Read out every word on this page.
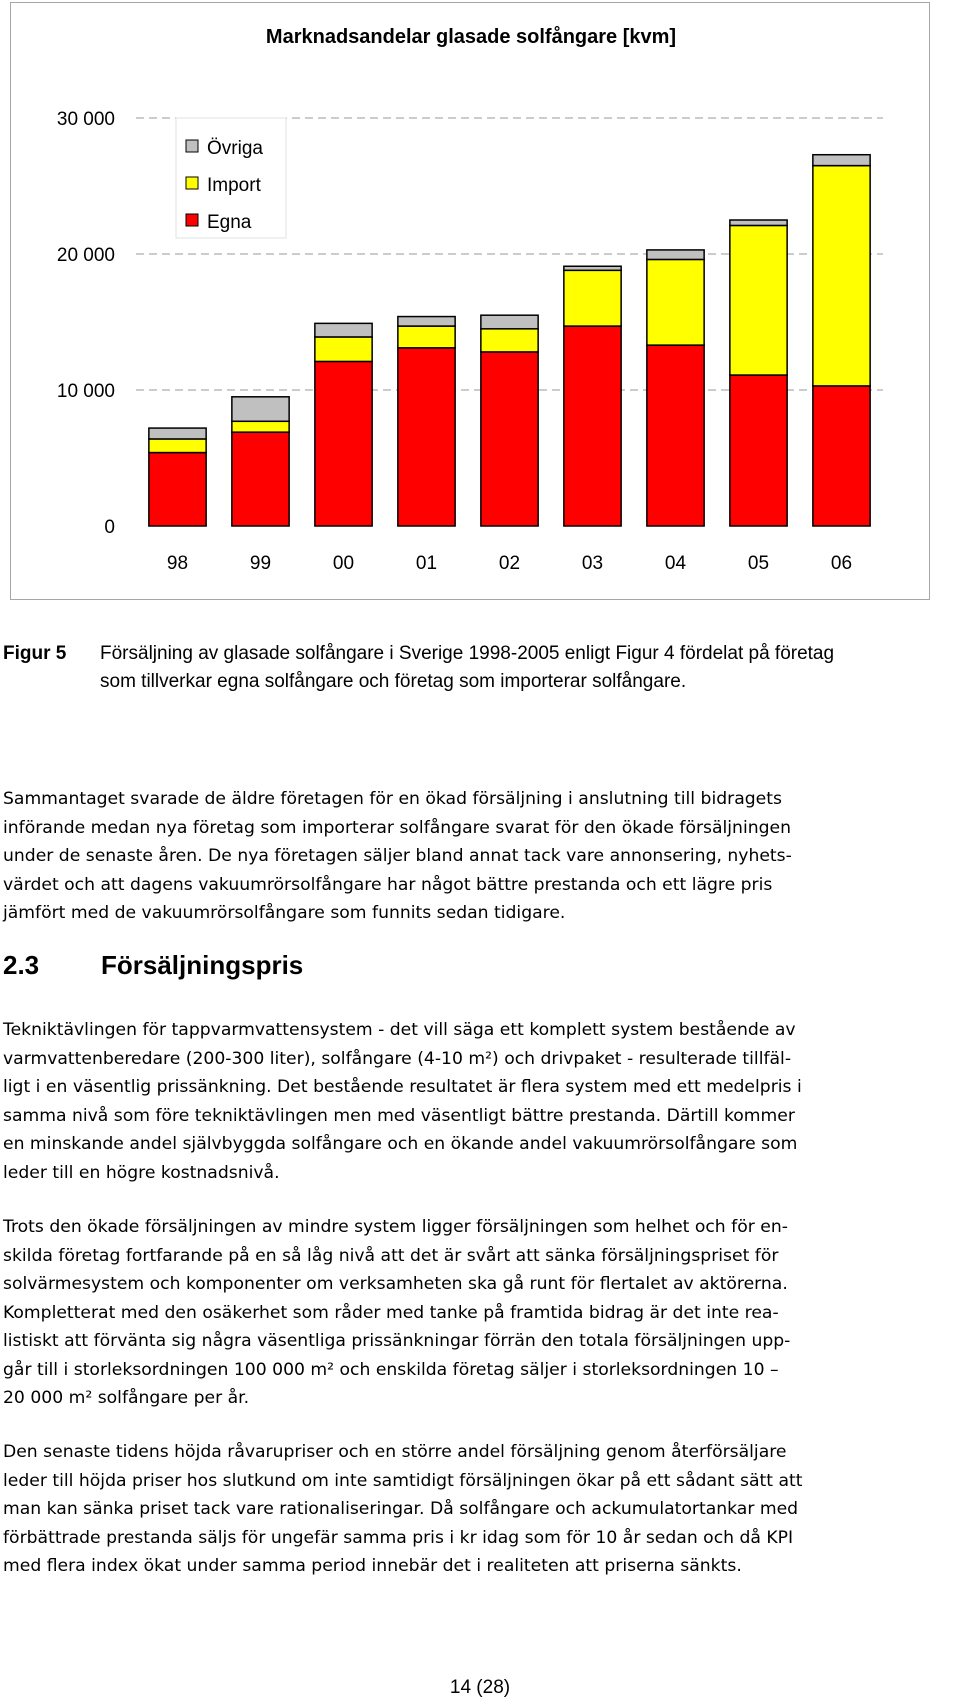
Marknadsandelar glasade solfångare [kvm]
0
10 000
20 000
30 000
98	99	00	01	02	03	04	05	06
Övriga
Import
Egna
Figur 5	Försäljning av glasade solfångare i Sverige 1998-2005 enligt Figur 4 fördelat på företag som tillverkar egna solfångare och företag som importerar solfångare.

Sammantaget svarade de äldre företagen för en ökad försäljning i anslutning till bidragets

införande medan nya företag som importerar solfångare svarat för den ökade försäljningen

under de senaste åren. De nya företagen säljer bland annat tack vare annonsering, nyhets-

värdet och att dagens vakuumrörsolfångare har något bättre prestanda och ett lägre pris

jämfört med de vakuumrörsolfångare som funnits sedan tidigare.

2.3 Försäljningspris

Tekniktävlingen för tappvarmvattensystem - det vill säga ett komplett system bestående av

varmvattenberedare (200-300 liter), solfångare (4-10 m²) och drivpaket - resulterade tillfäl-

ligt i en väsentlig prissänkning. Det bestående resultatet är flera system med ett medelpris i

samma nivå som före tekniktävlingen men med väsentligt bättre prestanda. Därtill kommer

en minskande andel självbyggda solfångare och en ökande andel vakuumrörsolfångare som

leder till en högre kostnadsnivå.

Trots den ökade försäljningen av mindre system ligger försäljningen som helhet och för en-

skilda företag fortfarande på en så låg nivå att det är svårt att sänka försäljningspriset för

solvärmesystem och komponenter om verksamheten ska gå runt för flertalet av aktörerna.

Kompletterat med den osäkerhet som råder med tanke på framtida bidrag är det inte rea-

listiskt att förvänta sig några väsentliga prissänkningar förrän den totala försäljningen upp-

går till i storleksordningen 100 000 m² och enskilda företag säljer i storleksordningen 10 –

20 000 m² solfångare per år.

Den senaste tidens höjda råvarupriser och en större andel försäljning genom återförsäljare

leder till höjda priser hos slutkund om inte samtidigt försäljningen ökar på ett sådant sätt att

man kan sänka priset tack vare rationaliseringar. Då solfångare och ackumulatortankar med

förbättrade prestanda säljs för ungefär samma pris i kr idag som för 10 år sedan och då KPI

med flera index ökat under samma period innebär det i realiteten att priserna sänkts.

14 (28)
